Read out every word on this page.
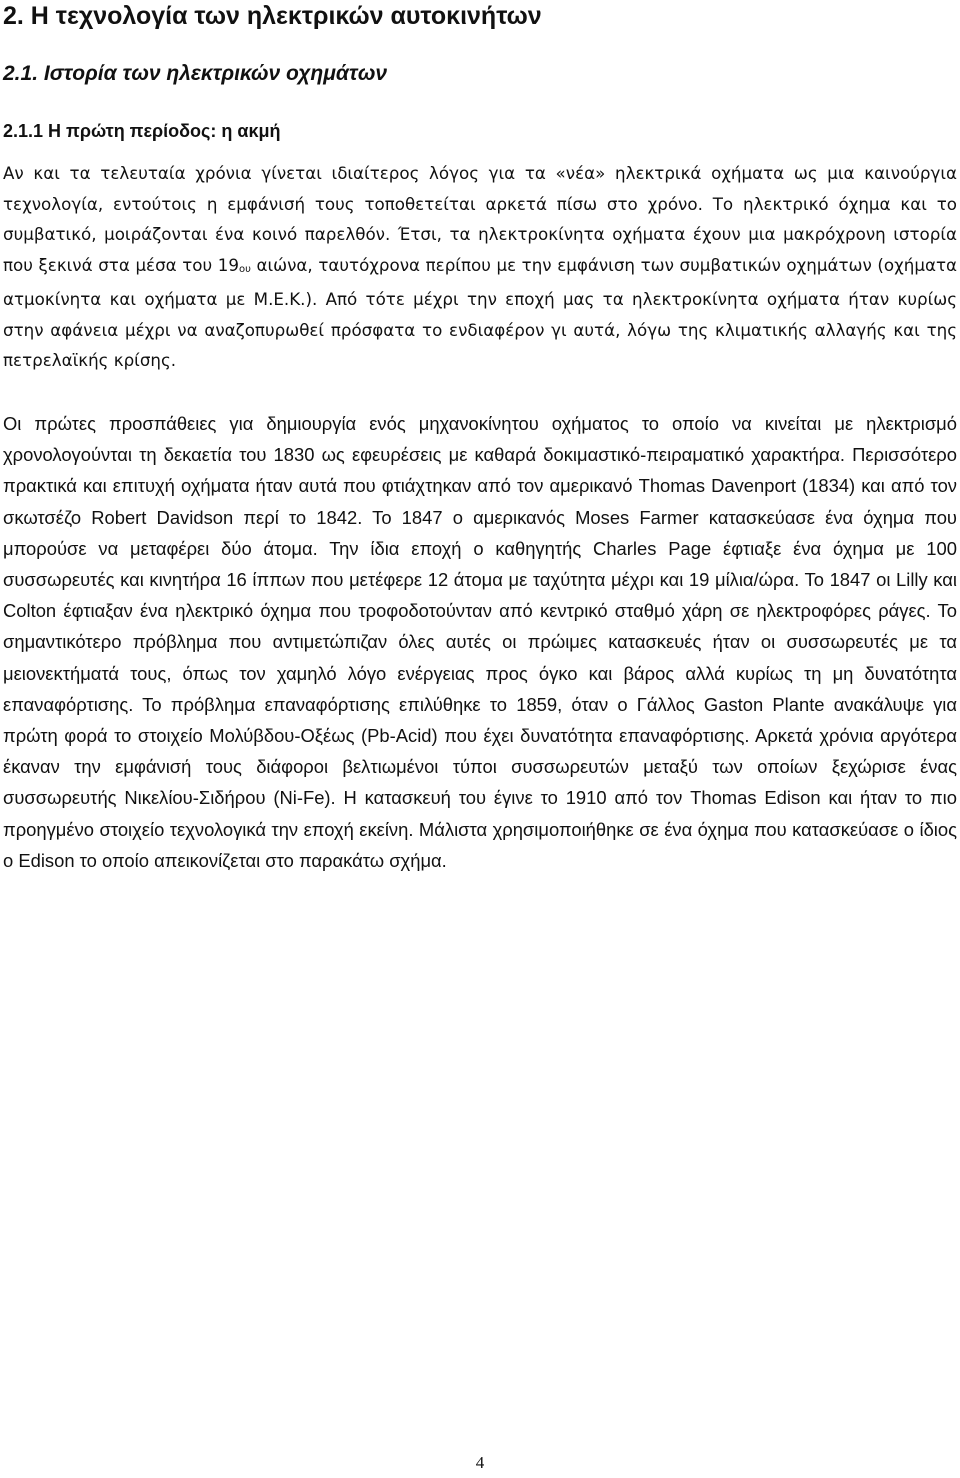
2. Η τεχνολογία των ηλεκτρικών αυτοκινήτων
2.1. Ιστορία των ηλεκτρικών οχημάτων
2.1.1 Η πρώτη περίοδος: η ακμή

Αν και τα τελευταία χρόνια γίνεται ιδιαίτερος λόγος για τα «νέα» ηλεκτρικά οχήματα ως μια καινούργια τεχνολογία, εντούτοις η εμφάνισή τους τοποθετείται αρκετά πίσω στο χρόνο. Το ηλεκτρικό όχημα και το συμβατικό, μοιράζονται ένα κοινό παρελθόν. Έτσι, τα ηλεκτροκίνητα οχήματα έχουν μια μακρόχρονη ιστορία που ξεκινά στα μέσα του 19ου αιώνα, ταυτόχρονα περίπου με την εμφάνιση των συμβατικών οχημάτων (οχήματα ατμοκίνητα και οχήματα με Μ.Ε.Κ.). Από τότε μέχρι την εποχή μας τα ηλεκτροκίνητα οχήματα ήταν κυρίως στην αφάνεια μέχρι να αναζοπυρωθεί πρόσφατα το ενδιαφέρον γι αυτά, λόγω της κλιματικής αλλαγής και της πετρελαϊκής κρίσης.

Οι πρώτες προσπάθειες για δημιουργία ενός μηχανοκίνητου οχήματος το οποίο να κινείται με ηλεκτρισμό χρονολογούνται τη δεκαετία του 1830 ως εφευρέσεις με καθαρά δοκιμαστικό-πειραματικό χαρακτήρα. Περισσότερο πρακτικά και επιτυχή οχήματα ήταν αυτά που φτιάχτηκαν από τον αμερικανό Thomas Davenport (1834) και από τον σκωτσέζο Robert Davidson περί το 1842. Το 1847 ο αμερικανός Moses Farmer κατασκεύασε ένα όχημα που μπορούσε να μεταφέρει δύο άτομα. Την ίδια εποχή ο καθηγητής Charles Page έφτιαξε ένα όχημα με 100 συσσωρευτές και κινητήρα 16 ίππων που μετέφερε 12 άτομα με ταχύτητα μέχρι και 19 μίλια/ώρα. Το 1847 οι Lilly και Colton έφτιαξαν ένα ηλεκτρικό όχημα που τροφοδοτούνταν από κεντρικό σταθμό χάρη σε ηλεκτροφόρες ράγες. Το σημαντικότερο πρόβλημα που αντιμετώπιζαν όλες αυτές οι πρώιμες κατασκευές ήταν οι συσσωρευτές με τα μειονεκτήματά τους, όπως τον χαμηλό λόγο ενέργειας προς όγκο και βάρος αλλά κυρίως τη μη δυνατότητα επαναφόρτισης. Το πρόβλημα επαναφόρτισης επιλύθηκε το 1859, όταν ο Γάλλος Gaston Plante ανακάλυψε για πρώτη φορά το στοιχείο Μολύβδου-Οξέως (Pb-Acid) που έχει δυνατότητα επαναφόρτισης. Αρκετά χρόνια αργότερα έκαναν την εμφάνισή τους διάφοροι βελτιωμένοι τύποι συσσωρευτών μεταξύ των οποίων ξεχώρισε ένας συσσωρευτής Νικελίου-Σιδήρου (Ni-Fe). Η κατασκευή του έγινε το 1910 από τον Thomas Edison και ήταν το πιο προηγμένο στοιχείο τεχνολογικά την εποχή εκείνη. Μάλιστα χρησιμοποιήθηκε σε ένα όχημα που κατασκεύασε ο ίδιος ο Edison το οποίο απεικονίζεται στο παρακάτω σχήμα.

4
